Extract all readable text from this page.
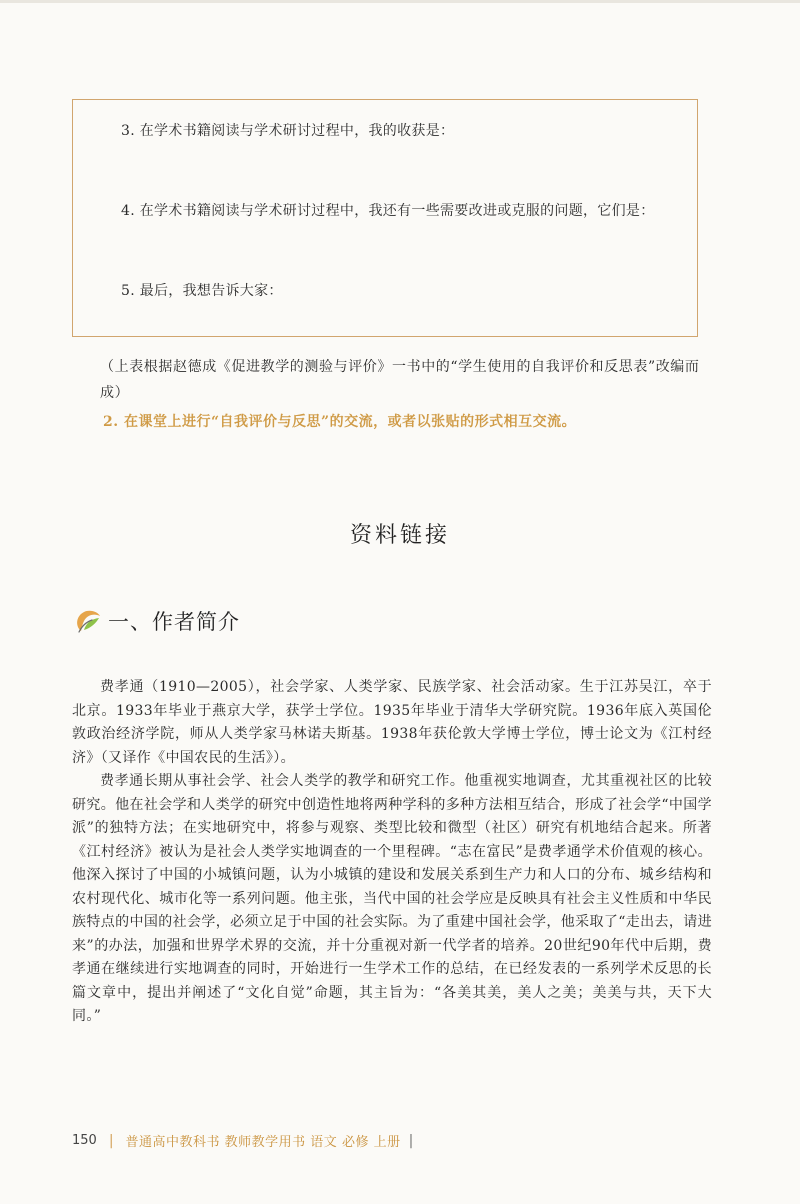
3. 在学术书籍阅读与学术研讨过程中，我的收获是：
4. 在学术书籍阅读与学术研讨过程中，我还有一些需要改进或克服的问题，它们是：
5. 最后，我想告诉大家：
（上表根据赵德成《促进教学的测验与评价》一书中的“学生使用的自我评价和反思表”改编而成）
2. 在课堂上进行“自我评价与反思”的交流，或者以张贴的形式相互交流。
资料链接
一、作者简介

费孝通（1910—2005），社会学家、人类学家、民族学家、社会活动家。生于江苏吴江，卒于北京。1933年毕业于燕京大学，获学士学位。1935年毕业于清华大学研究院。1936年底入英国伦敦政治经济学院，师从人类学家马林诺夫斯基。1938年获伦敦大学博士学位，博士论文为《江村经济》（又译作《中国农民的生活》）。

费孝通长期从事社会学、社会人类学的教学和研究工作。他重视实地调查，尤其重视社区的比较研究。他在社会学和人类学的研究中创造性地将两种学科的多种方法相互结合，形成了社会学“中国学派”的独特方法；在实地研究中，将参与观察、类型比较和微型（社区）研究有机地结合起来。所著《江村经济》被认为是社会人类学实地调查的一个里程碑。“志在富民”是费孝通学术价值观的核心。他深入探讨了中国的小城镇问题，认为小城镇的建设和发展关系到生产力和人口的分布、城乡结构和农村现代化、城市化等一系列问题。他主张，当代中国的社会学应是反映具有社会主义性质和中华民族特点的中国的社会学，必须立足于中国的社会实际。为了重建中国社会学，他采取了“走出去，请进来”的办法，加强和世界学术界的交流，并十分重视对新一代学者的培养。20世纪90年代中后期，费孝通在继续进行实地调查的同时，开始进行一生学术工作的总结，在已经发表的一系列学术反思的长篇文章中，提出并阐述了“文化自觉”命题，其主旨为：“各美其美，美人之美；美美与共，天下大同。”

150 | 普通高中教科书 教师教学用书 语文 必修 上册 |
